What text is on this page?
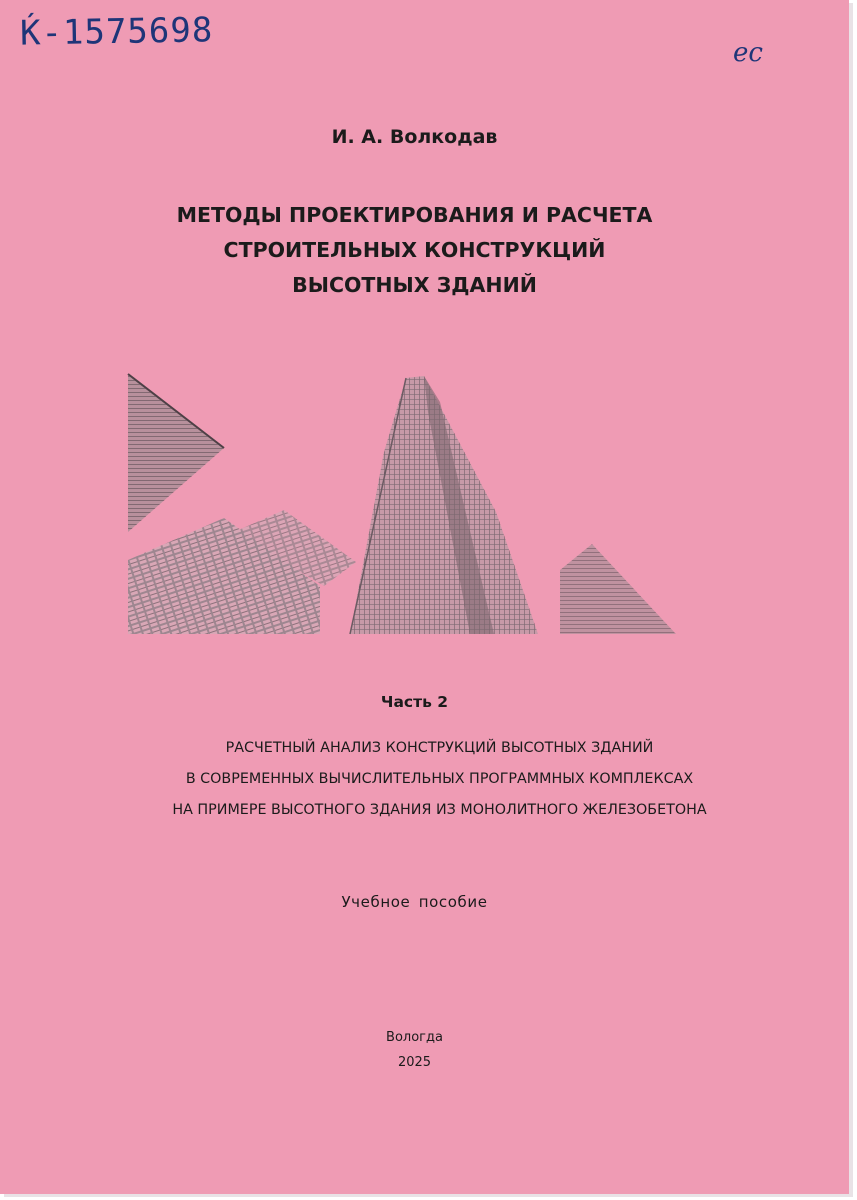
Ḱ-1575698	ec
И. А. Волкодав
МЕТОДЫ ПРОЕКТИРОВАНИЯ И РАСЧЕТА
СТРОИТЕЛЬНЫХ КОНСТРУКЦИЙ
ВЫСОТНЫХ ЗДАНИЙ
Часть 2
РАСЧЕТНЫЙ АНАЛИЗ КОНСТРУКЦИЙ ВЫСОТНЫХ ЗДАНИЙ
В СОВРЕМЕННЫХ ВЫЧИСЛИТЕЛЬНЫХ ПРОГРАММНЫХ КОМПЛЕКСАХ
НА ПРИМЕРЕ ВЫСОТНОГО ЗДАНИЯ ИЗ МОНОЛИТНОГО ЖЕЛЕЗОБЕТОНА
Учебное пособие
Вологда
2025
